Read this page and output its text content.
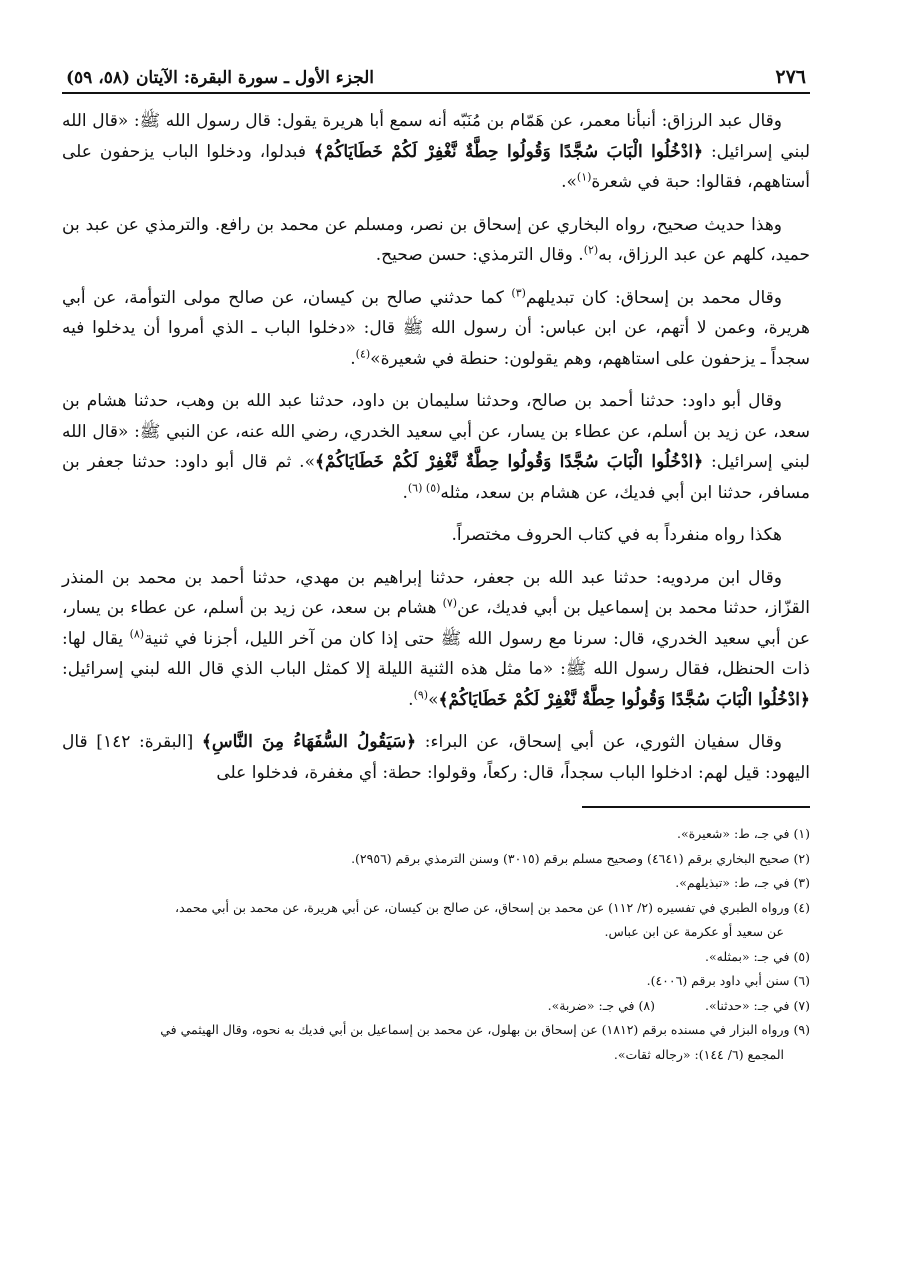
٢٧٦
الجزء الأول ـ سورة البقرة: الآيتان (٥٨، ٥٩)

وقال عبد الرزاق: أنبأنا معمر، عن هَمّام بن مُنَبّه أنه سمع أبا هريرة يقول: قال رسول الله ﷺ: «قال الله لبني إسرائيل: ﴿ادْخُلُوا الْبَابَ سُجَّدًا وَقُولُوا حِطَّةٌ نَّغْفِرْ لَكُمْ خَطَايَاكُمْ﴾ فبدلوا، ودخلوا الباب يزحفون على أستاههم، فقالوا: حبة في شعرة$^{(١)}$».

وهذا حديث صحيح، رواه البخاري عن إسحاق بن نصر، ومسلم عن محمد بن رافع. والترمذي عن عبد بن حميد، كلهم عن عبد الرزاق، به$^{(٢)}$. وقال الترمذي: حسن صحيح.

وقال محمد بن إسحاق: كان تبديلهم$^{(٣)}$ كما حدثني صالح بن كيسان، عن صالح مولى التوأمة، عن أبي هريرة، وعمن لا أتهم، عن ابن عباس: أن رسول الله ﷺ قال: «دخلوا الباب ـ الذي أمروا أن يدخلوا فيه سجداً ـ يزحفون على استاههم، وهم يقولون: حنطة في شعيرة»$^{(٤)}$.

وقال أبو داود: حدثنا أحمد بن صالح، وحدثنا سليمان بن داود، حدثنا عبد الله بن وهب، حدثنا هشام بن سعد، عن زيد بن أسلم، عن عطاء بن يسار، عن أبي سعيد الخدري، رضي الله عنه، عن النبي ﷺ: «قال الله لبني إسرائيل: ﴿ادْخُلُوا الْبَابَ سُجَّدًا وَقُولُوا حِطَّةٌ نَّغْفِرْ لَكُمْ خَطَايَاكُمْ﴾». ثم قال أبو داود: حدثنا جعفر بن مسافر، حدثنا ابن أبي فديك، عن هشام بن سعد، مثله$^{(٥) (٦)}$.

هكذا رواه منفرداً به في كتاب الحروف مختصراً.

وقال ابن مردويه: حدثنا عبد الله بن جعفر، حدثنا إبراهيم بن مهدي، حدثنا أحمد بن محمد بن المنذر القزّاز، حدثنا محمد بن إسماعيل بن أبي فديك، عن$^{(٧)}$ هشام بن سعد، عن زيد بن أسلم، عن عطاء بن يسار، عن أبي سعيد الخدري، قال: سرنا مع رسول الله ﷺ حتى إذا كان من آخر الليل، أجزنا في ثنية$^{(٨)}$ يقال لها: ذات الحنظل، فقال رسول الله ﷺ: «ما مثل هذه الثنية الليلة إلا كمثل الباب الذي قال الله لبني إسرائيل: ﴿ادْخُلُوا الْبَابَ سُجَّدًا وَقُولُوا حِطَّةٌ نَّغْفِرْ لَكُمْ خَطَايَاكُمْ﴾»$^{(٩)}$.

وقال سفيان الثوري، عن أبي إسحاق، عن البراء: ﴿سَيَقُولُ السُّفَهَاءُ مِنَ النَّاسِ﴾ [البقرة: ١٤٢] قال اليهود: قيل لهم: ادخلوا الباب سجداً، قال: ركعاً، وقولوا: حطة: أي مغفرة، فدخلوا على

(١) في جـ، ط: «شعيرة».
(٢) صحيح البخاري برقم (٤٦٤١) وصحيح مسلم برقم (٣٠١٥) وسنن الترمذي برقم (٢٩٥٦).
(٣) في جـ، ط: «تبذيلهم».
(٤) ورواه الطبري في تفسيره (٢/ ١١٢) عن محمد بن إسحاق، عن صالح بن كيسان، عن أبي هريرة، عن محمد بن أبي محمد،
عن سعيد أو عكرمة عن ابن عباس.
(٥) في جـ: «بمثله».
(٦) سنن أبي داود برقم (٤٠٠٦).
(٧) في جـ: «حدثنا». (٨) في جـ: «ضربة».
(٩) ورواه البزار في مسنده برقم (١٨١٢) عن إسحاق بن بهلول، عن محمد بن إسماعيل بن أبي فديك به نحوه، وقال الهيثمي في
المجمع (٦/ ١٤٤): «رجاله ثقات».
